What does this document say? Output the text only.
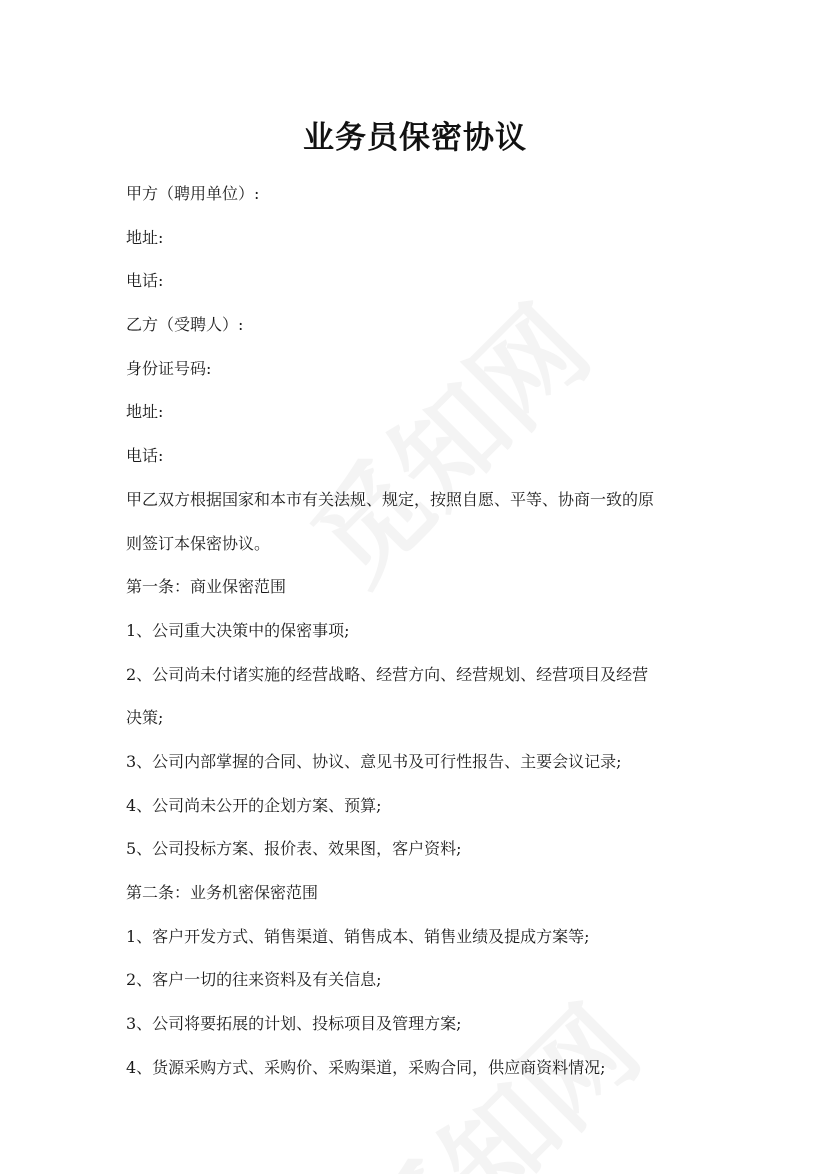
业务员保密协议
甲方（聘用单位）:
地址:
电话:
乙方（受聘人）:
身份证号码:
地址:
电话:
甲乙双方根据国家和本市有关法规、规定，按照自愿、平等、协商一致的原
则签订本保密协议。
第一条：商业保密范围
1、公司重大决策中的保密事项;
2、公司尚未付诸实施的经营战略、经营方向、经营规划、经营项目及经营
决策;
3、公司内部掌握的合同、协议、意见书及可行性报告、主要会议记录;
4、公司尚未公开的企划方案、预算;
5、公司投标方案、报价表、效果图，客户资料;
第二条：业务机密保密范围
1、客户开发方式、销售渠道、销售成本、销售业绩及提成方案等;
2、客户一切的往来资料及有关信息;
3、公司将要拓展的计划、投标项目及管理方案;
4、货源采购方式、采购价、采购渠道，采购合同，供应商资料情况;
